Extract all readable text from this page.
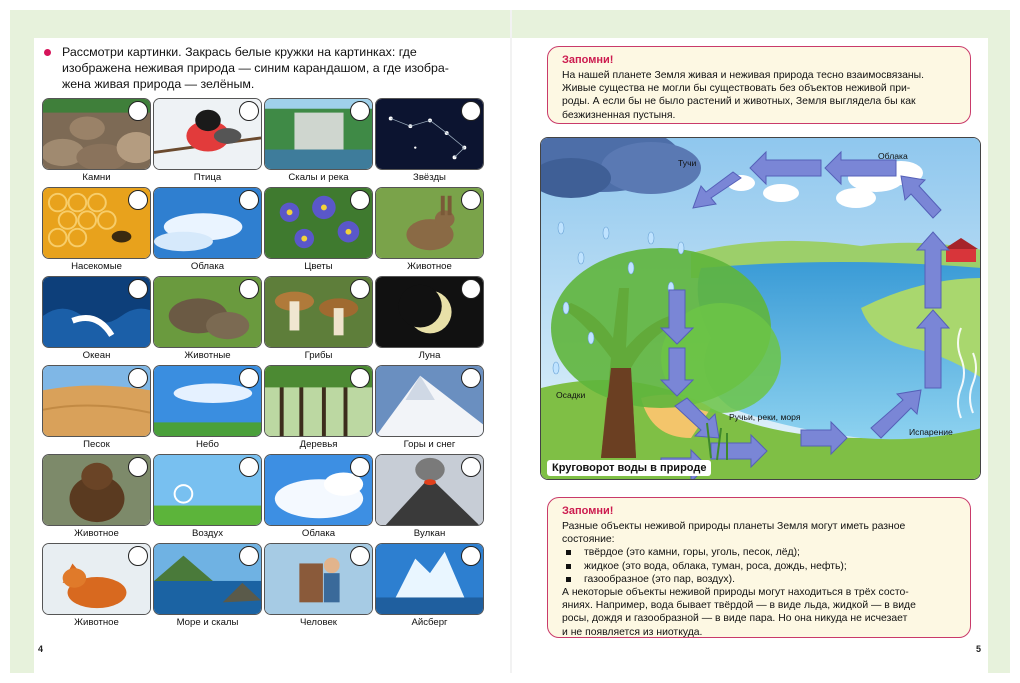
Рассмотри картинки. Закрась белые кружки на картинках: где
изображена неживая природа — синим карандашом, а где изобра-
жена живая природа — зелёным.
Камни	Птица	Скалы и река	Звёзды
Насекомые	Облака	Цветы	Животное
Океан	Животные	Грибы	Луна
Песок	Небо	Деревья	Горы и снег
Животное	Воздух	Облака	Вулкан
Животное	Море и скалы	Человек	Айсберг
4
Запомни!
На нашей планете Земля живая и неживая природа тесно взаимосвязаны.
Живые существа не могли бы существовать без объектов неживой при-
роды. А если бы не было растений и животных, Земля выглядела бы как
безжизненная пустыня.
Тучи
Облака
Осадки
Ручьи, реки, моря
Испарение
Круговорот воды в природе
Запомни!
Разные объекты неживой природы планеты Земля могут иметь разное
состояние:
твёрдое (это камни, горы, уголь, песок, лёд);
жидкое (это вода, облака, туман, роса, дождь, нефть);
газообразное (это пар, воздух).
А некоторые объекты неживой природы могут находиться в трёх состо-
яниях. Например, вода бывает твёрдой — в виде льда, жидкой — в виде
росы, дождя и газообразной — в виде пара. Но она никуда не исчезает
и не появляется из ниоткуда.
5
